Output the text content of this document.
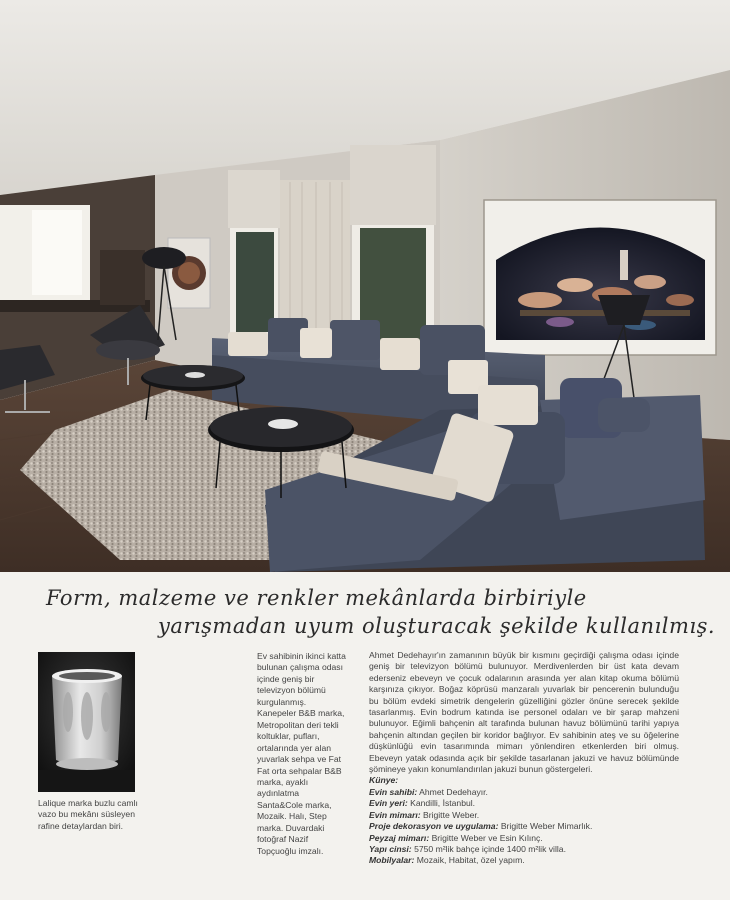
Form, malzeme ve renkler mekânlarda birbiriyle
yarışmadan uyum oluşturacak şekilde kullanılmış.
Lalique marka buzlu camlı vazo bu mekânı süsleyen rafine detaylardan biri.
Ev sahibinin ikinci katta bulunan çalışma odası içinde geniş bir televizyon bölümü kurgulanmış. Kanepeler B&B marka, Metropolitan deri tekli koltuklar, pufları, ortalarında yer alan yuvarlak sehpa ve Fat Fat orta sehpalar B&B marka, ayaklı aydınlatma Santa&Cole marka, Mozaik. Halı, Step marka. Duvardaki fotoğraf Nazif Topçuoğlu imzalı.

Ahmet Dedehayır'ın zamanının büyük bir kısmını geçirdiği çalışma odası içinde geniş bir televizyon bölümü bulunuyor. Merdivenlerden bir üst kata devam ederseniz ebeveyn ve çocuk odalarının arasında yer alan kitap okuma bölümü karşınıza çıkıyor. Boğaz köprüsü manzaralı yuvarlak bir pencerenin bulunduğu bu bölüm evdeki simetrik dengelerin güzelliğini gözler önüne serecek şekilde tasarlanmış. Evin bodrum katında ise personel odaları ve bir şarap mahzeni bulunuyor. Eğimli bahçenin alt tarafında bulunan havuz bölümünü tarihi yapıya bahçenin altından geçilen bir koridor bağlıyor. Ev sahibinin ateş ve su öğelerine düşkünlüğü evin tasarımında mimarı yönlendiren etkenlerden biri olmuş. Ebeveyn yatak odasında açık bir şekilde tasarlanan jakuzi ve havuz bölümünde şömineye yakın konumlandırılan jakuzi bunun göstergeleri.

Künye:
Evin sahibi: Ahmet Dedehayır.
Evin yeri: Kandilli, İstanbul.
Evin mimarı: Brigitte Weber.
Proje dekorasyon ve uygulama: Brigitte Weber Mimarlık.
Peyzaj mimarı: Brigitte Weber ve Esin Kılınç.
Yapı cinsi: 5750 m²lik bahçe içinde 1400 m²lik villa.
Mobilyalar: Mozaik, Habitat, özel yapım.
